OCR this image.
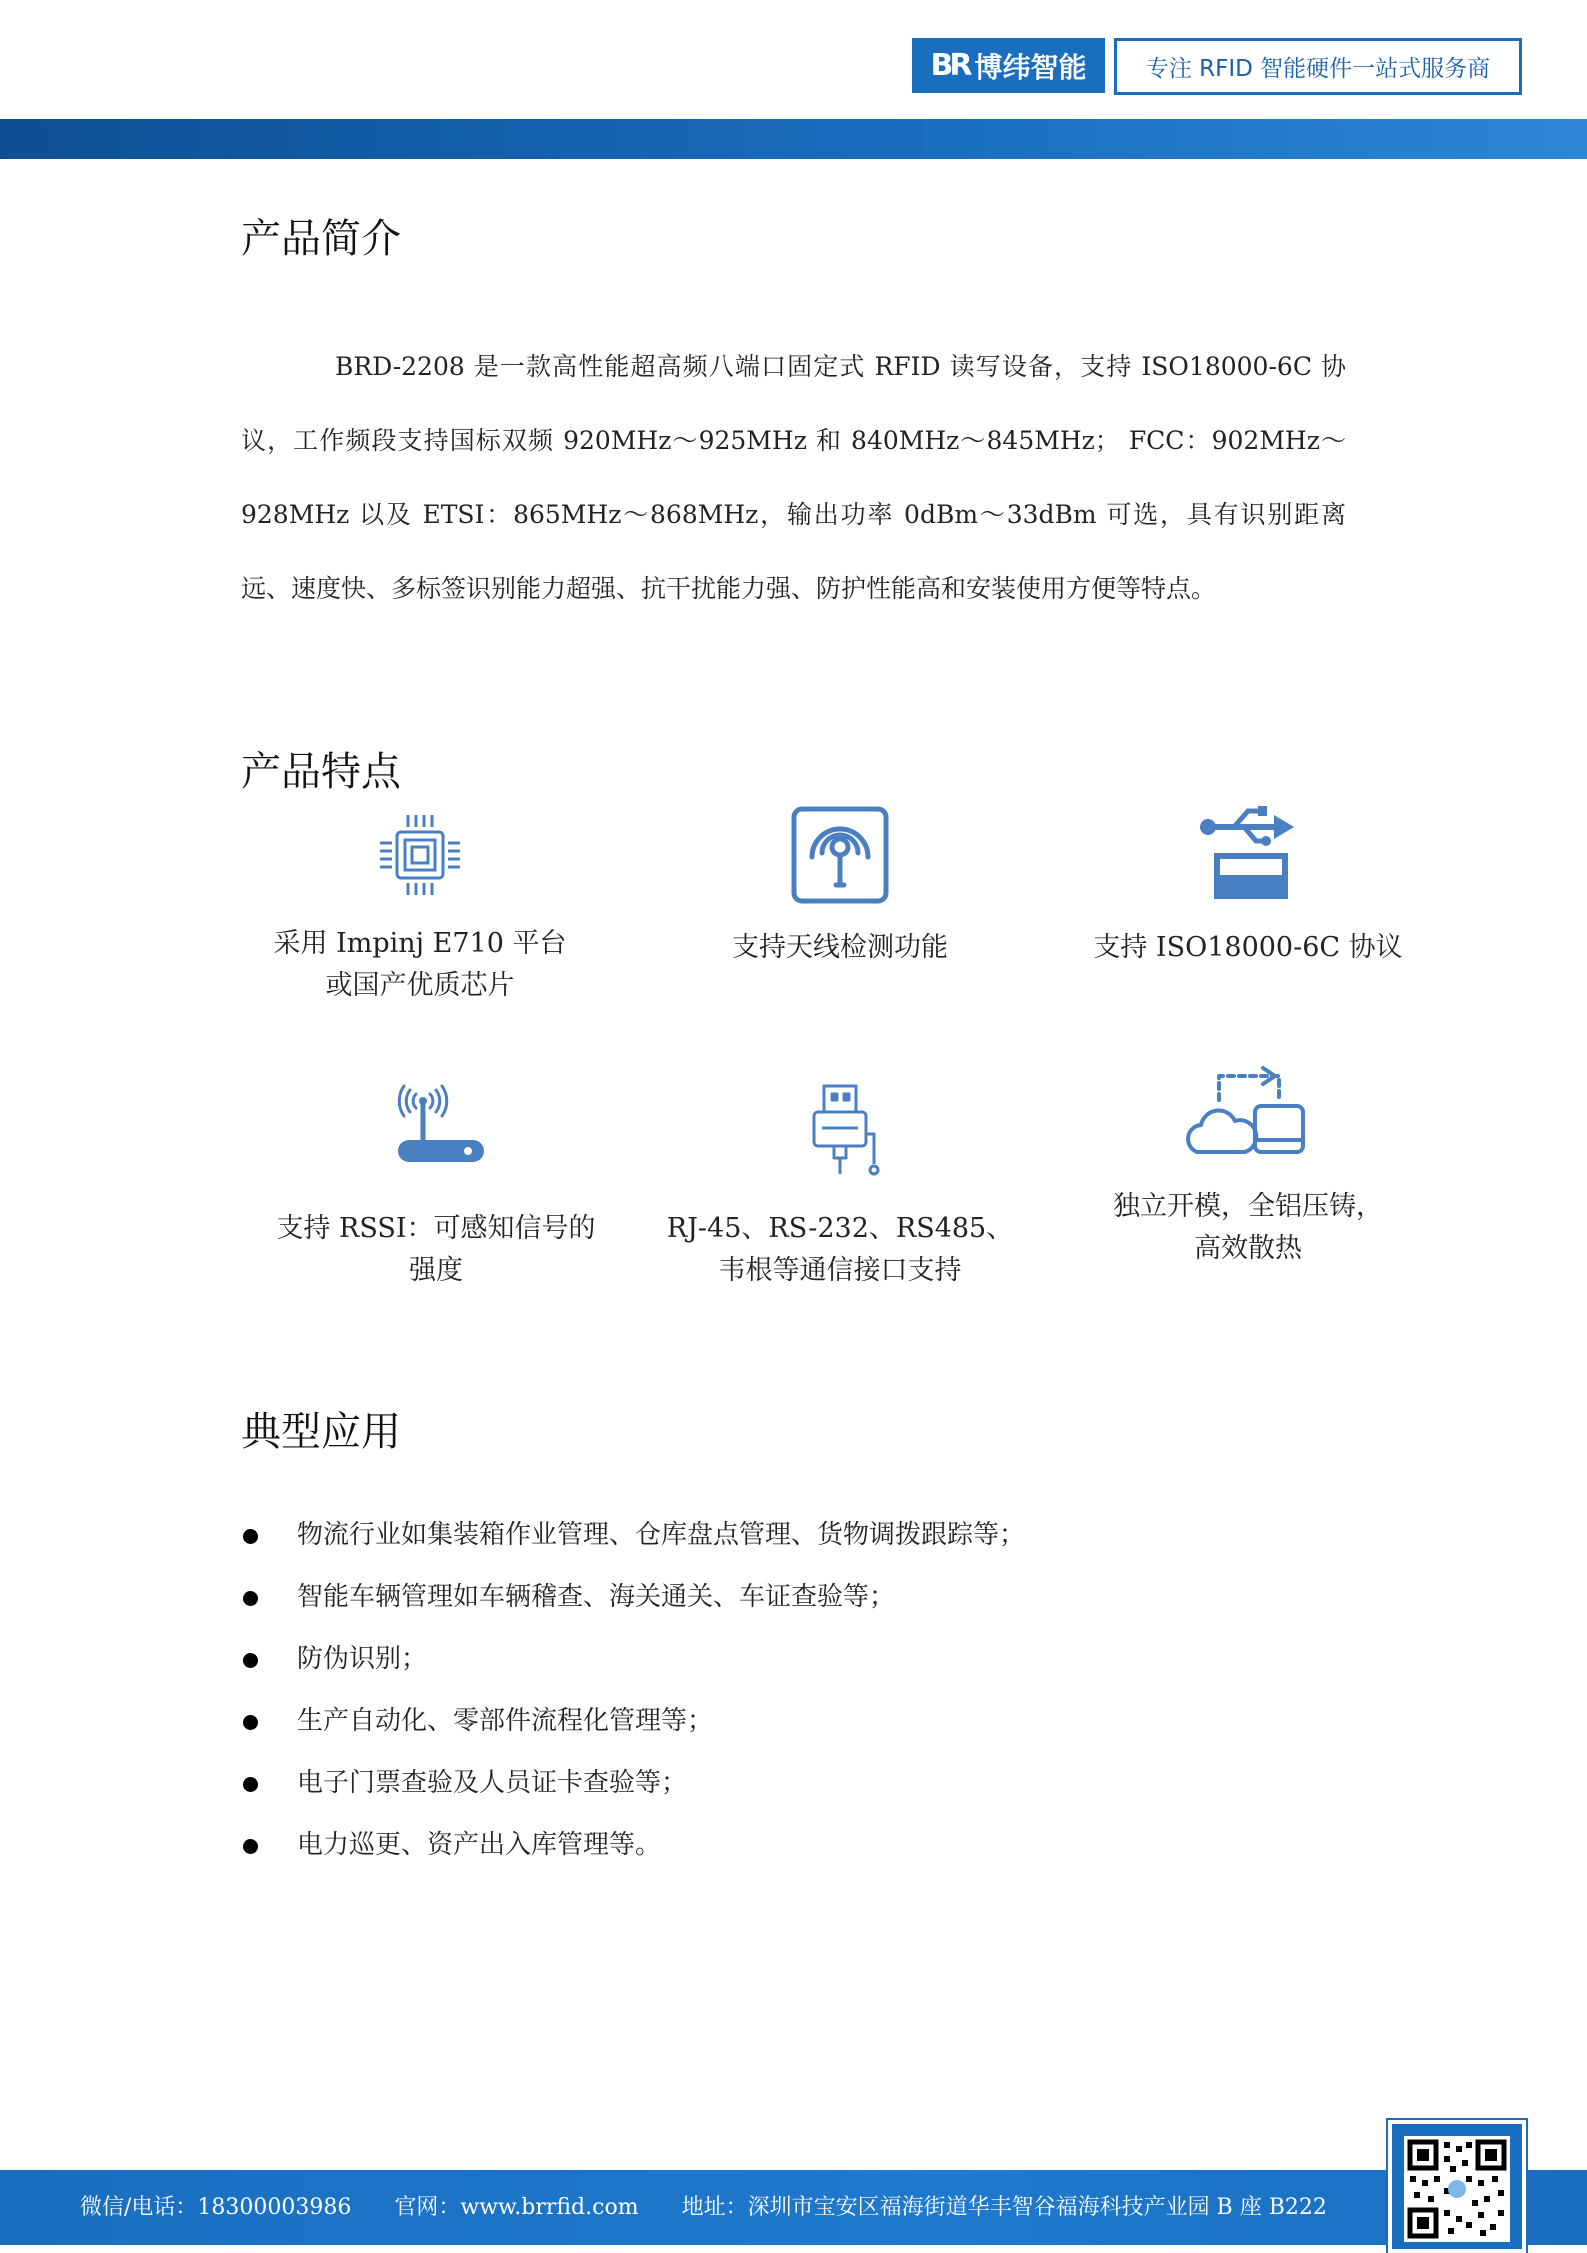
BR 博纬智能	专注 RFID 智能硬件一站式服务商
产品简介

BRD-2208 是一款高性能超高频八端口固定式 RFID 读写设备，支持 ISO18000-6C 协议，工作频段支持国标双频 920MHz～925MHz 和 840MHz～845MHz； FCC：902MHz～928MHz 以及 ETSI：865MHz～868MHz，输出功率 0dBm～33dBm 可选，具有识别距离远、速度快、多标签识别能力超强、抗干扰能力强、防护性能高和安装使用方便等特点。

产品特点
采用 Impinj E710 平台
或国产优质芯片
支持天线检测功能	支持 ISO18000-6C 协议
支持 RSSI：可感知信号的
强度
RJ-45、RS-232、RS485、
韦根等通信接口支持
独立开模，全铝压铸，
高效散热
典型应用
物流行业如集装箱作业管理、仓库盘点管理、货物调拨跟踪等；
智能车辆管理如车辆稽查、海关通关、车证查验等；
防伪识别；
生产自动化、零部件流程化管理等；
电子门票查验及人员证卡查验等；
电力巡更、资产出入库管理等。
微信/电话：18300003986 官网：www.brrfid.com 地址：深圳市宝安区福海街道华丰智谷福海科技产业园 B 座 B222
